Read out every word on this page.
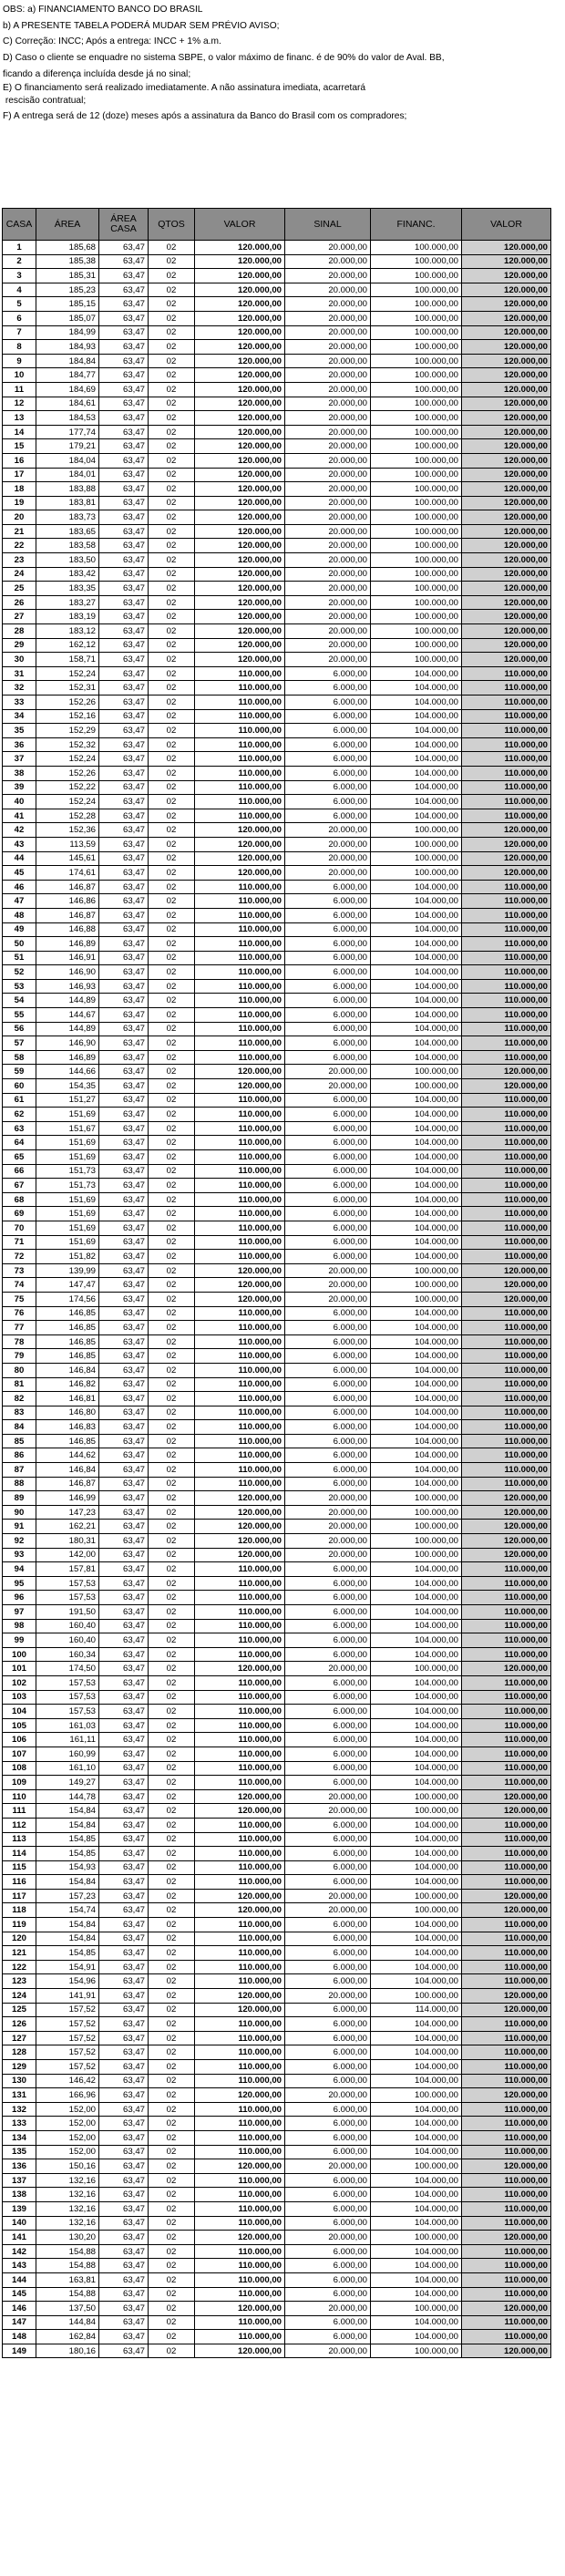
OBS: a) FINANCIAMENTO BANCO DO BRASIL
b) A PRESENTE TABELA PODERÁ MUDAR SEM PRÉVIO AVISO;
C) Correção: INCC; Após a entrega: INCC + 1% a.m.
D) Caso o cliente se enquadre no sistema SBPE, o valor máximo de financ. é de 90% do valor de Aval. BB,
ficando a diferença incluída desde já no sinal;
E) O financiamento será realizado imediatamente. A não assinatura imediata, acarretará
rescisão contratual;
F) A entrega será de 12 (doze) meses após a assinatura da Banco do Brasil com os compradores;
CASA	ÁREA	ÁREA CASA	QTOS	VALOR	SINAL	FINANC.	VALOR
1	185,68	63,47	02	120.000,00	20.000,00	100.000,00	120.000,00
2	185,38	63,47	02	120.000,00	20.000,00	100.000,00	120.000,00
3	185,31	63,47	02	120.000,00	20.000,00	100.000,00	120.000,00
4	185,23	63,47	02	120.000,00	20.000,00	100.000,00	120.000,00
5	185,15	63,47	02	120.000,00	20.000,00	100.000,00	120.000,00
6	185,07	63,47	02	120.000,00	20.000,00	100.000,00	120.000,00
7	184,99	63,47	02	120.000,00	20.000,00	100.000,00	120.000,00
8	184,93	63,47	02	120.000,00	20.000,00	100.000,00	120.000,00
9	184,84	63,47	02	120.000,00	20.000,00	100.000,00	120.000,00
10	184,77	63,47	02	120.000,00	20.000,00	100.000,00	120.000,00
11	184,69	63,47	02	120.000,00	20.000,00	100.000,00	120.000,00
12	184,61	63,47	02	120.000,00	20.000,00	100.000,00	120.000,00
13	184,53	63,47	02	120.000,00	20.000,00	100.000,00	120.000,00
14	177,74	63,47	02	120.000,00	20.000,00	100.000,00	120.000,00
15	179,21	63,47	02	120.000,00	20.000,00	100.000,00	120.000,00
16	184,04	63,47	02	120.000,00	20.000,00	100.000,00	120.000,00
17	184,01	63,47	02	120.000,00	20.000,00	100.000,00	120.000,00
18	183,88	63,47	02	120.000,00	20.000,00	100.000,00	120.000,00
19	183,81	63,47	02	120.000,00	20.000,00	100.000,00	120.000,00
20	183,73	63,47	02	120.000,00	20.000,00	100.000,00	120.000,00
21	183,65	63,47	02	120.000,00	20.000,00	100.000,00	120.000,00
22	183,58	63,47	02	120.000,00	20.000,00	100.000,00	120.000,00
23	183,50	63,47	02	120.000,00	20.000,00	100.000,00	120.000,00
24	183,42	63,47	02	120.000,00	20.000,00	100.000,00	120.000,00
25	183,35	63,47	02	120.000,00	20.000,00	100.000,00	120.000,00
26	183,27	63,47	02	120.000,00	20.000,00	100.000,00	120.000,00
27	183,19	63,47	02	120.000,00	20.000,00	100.000,00	120.000,00
28	183,12	63,47	02	120.000,00	20.000,00	100.000,00	120.000,00
29	162,12	63,47	02	120.000,00	20.000,00	100.000,00	120.000,00
30	158,71	63,47	02	120.000,00	20.000,00	100.000,00	120.000,00
31	152,24	63,47	02	110.000,00	6.000,00	104.000,00	110.000,00
32	152,31	63,47	02	110.000,00	6.000,00	104.000,00	110.000,00
33	152,26	63,47	02	110.000,00	6.000,00	104.000,00	110.000,00
34	152,16	63,47	02	110.000,00	6.000,00	104.000,00	110.000,00
35	152,29	63,47	02	110.000,00	6.000,00	104.000,00	110.000,00
36	152,32	63,47	02	110.000,00	6.000,00	104.000,00	110.000,00
37	152,24	63,47	02	110.000,00	6.000,00	104.000,00	110.000,00
38	152,26	63,47	02	110.000,00	6.000,00	104.000,00	110.000,00
39	152,22	63,47	02	110.000,00	6.000,00	104.000,00	110.000,00
40	152,24	63,47	02	110.000,00	6.000,00	104.000,00	110.000,00
41	152,28	63,47	02	110.000,00	6.000,00	104.000,00	110.000,00
42	152,36	63,47	02	120.000,00	20.000,00	100.000,00	120.000,00
43	113,59	63,47	02	120.000,00	20.000,00	100.000,00	120.000,00
44	145,61	63,47	02	120.000,00	20.000,00	100.000,00	120.000,00
45	174,61	63,47	02	120.000,00	20.000,00	100.000,00	120.000,00
46	146,87	63,47	02	110.000,00	6.000,00	104.000,00	110.000,00
47	146,86	63,47	02	110.000,00	6.000,00	104.000,00	110.000,00
48	146,87	63,47	02	110.000,00	6.000,00	104.000,00	110.000,00
49	146,88	63,47	02	110.000,00	6.000,00	104.000,00	110.000,00
50	146,89	63,47	02	110.000,00	6.000,00	104.000,00	110.000,00
51	146,91	63,47	02	110.000,00	6.000,00	104.000,00	110.000,00
52	146,90	63,47	02	110.000,00	6.000,00	104.000,00	110.000,00
53	146,93	63,47	02	110.000,00	6.000,00	104.000,00	110.000,00
54	144,89	63,47	02	110.000,00	6.000,00	104.000,00	110.000,00
55	144,67	63,47	02	110.000,00	6.000,00	104.000,00	110.000,00
56	144,89	63,47	02	110.000,00	6.000,00	104.000,00	110.000,00
57	146,90	63,47	02	110.000,00	6.000,00	104.000,00	110.000,00
58	146,89	63,47	02	110.000,00	6.000,00	104.000,00	110.000,00
59	144,66	63,47	02	120.000,00	20.000,00	100.000,00	120.000,00
60	154,35	63,47	02	120.000,00	20.000,00	100.000,00	120.000,00
61	151,27	63,47	02	110.000,00	6.000,00	104.000,00	110.000,00
62	151,69	63,47	02	110.000,00	6.000,00	104.000,00	110.000,00
63	151,67	63,47	02	110.000,00	6.000,00	104.000,00	110.000,00
64	151,69	63,47	02	110.000,00	6.000,00	104.000,00	110.000,00
65	151,69	63,47	02	110.000,00	6.000,00	104.000,00	110.000,00
66	151,73	63,47	02	110.000,00	6.000,00	104.000,00	110.000,00
67	151,73	63,47	02	110.000,00	6.000,00	104.000,00	110.000,00
68	151,69	63,47	02	110.000,00	6.000,00	104.000,00	110.000,00
69	151,69	63,47	02	110.000,00	6.000,00	104.000,00	110.000,00
70	151,69	63,47	02	110.000,00	6.000,00	104.000,00	110.000,00
71	151,69	63,47	02	110.000,00	6.000,00	104.000,00	110.000,00
72	151,82	63,47	02	110.000,00	6.000,00	104.000,00	110.000,00
73	139,99	63,47	02	120.000,00	20.000,00	100.000,00	120.000,00
74	147,47	63,47	02	120.000,00	20.000,00	100.000,00	120.000,00
75	174,56	63,47	02	120.000,00	20.000,00	100.000,00	120.000,00
76	146,85	63,47	02	110.000,00	6.000,00	104.000,00	110.000,00
77	146,85	63,47	02	110.000,00	6.000,00	104.000,00	110.000,00
78	146,85	63,47	02	110.000,00	6.000,00	104.000,00	110.000,00
79	146,85	63,47	02	110.000,00	6.000,00	104.000,00	110.000,00
80	146,84	63,47	02	110.000,00	6.000,00	104.000,00	110.000,00
81	146,82	63,47	02	110.000,00	6.000,00	104.000,00	110.000,00
82	146,81	63,47	02	110.000,00	6.000,00	104.000,00	110.000,00
83	146,80	63,47	02	110.000,00	6.000,00	104.000,00	110.000,00
84	146,83	63,47	02	110.000,00	6.000,00	104.000,00	110.000,00
85	146,85	63,47	02	110.000,00	6.000,00	104.000,00	110.000,00
86	144,62	63,47	02	110.000,00	6.000,00	104.000,00	110.000,00
87	146,84	63,47	02	110.000,00	6.000,00	104.000,00	110.000,00
88	146,87	63,47	02	110.000,00	6.000,00	104.000,00	110.000,00
89	146,99	63,47	02	120.000,00	20.000,00	100.000,00	120.000,00
90	147,23	63,47	02	120.000,00	20.000,00	100.000,00	120.000,00
91	162,21	63,47	02	120.000,00	20.000,00	100.000,00	120.000,00
92	180,31	63,47	02	120.000,00	20.000,00	100.000,00	120.000,00
93	142,00	63,47	02	120.000,00	20.000,00	100.000,00	120.000,00
94	157,81	63,47	02	110.000,00	6.000,00	104.000,00	110.000,00
95	157,53	63,47	02	110.000,00	6.000,00	104.000,00	110.000,00
96	157,53	63,47	02	110.000,00	6.000,00	104.000,00	110.000,00
97	191,50	63,47	02	110.000,00	6.000,00	104.000,00	110.000,00
98	160,40	63,47	02	110.000,00	6.000,00	104.000,00	110.000,00
99	160,40	63,47	02	110.000,00	6.000,00	104.000,00	110.000,00
100	160,34	63,47	02	110.000,00	6.000,00	104.000,00	110.000,00
101	174,50	63,47	02	120.000,00	20.000,00	100.000,00	120.000,00
102	157,53	63,47	02	110.000,00	6.000,00	104.000,00	110.000,00
103	157,53	63,47	02	110.000,00	6.000,00	104.000,00	110.000,00
104	157,53	63,47	02	110.000,00	6.000,00	104.000,00	110.000,00
105	161,03	63,47	02	110.000,00	6.000,00	104.000,00	110.000,00
106	161,11	63,47	02	110.000,00	6.000,00	104.000,00	110.000,00
107	160,99	63,47	02	110.000,00	6.000,00	104.000,00	110.000,00
108	161,10	63,47	02	110.000,00	6.000,00	104.000,00	110.000,00
109	149,27	63,47	02	110.000,00	6.000,00	104.000,00	110.000,00
110	144,78	63,47	02	120.000,00	20.000,00	100.000,00	120.000,00
111	154,84	63,47	02	120.000,00	20.000,00	100.000,00	120.000,00
112	154,84	63,47	02	110.000,00	6.000,00	104.000,00	110.000,00
113	154,85	63,47	02	110.000,00	6.000,00	104.000,00	110.000,00
114	154,85	63,47	02	110.000,00	6.000,00	104.000,00	110.000,00
115	154,93	63,47	02	110.000,00	6.000,00	104.000,00	110.000,00
116	154,84	63,47	02	110.000,00	6.000,00	104.000,00	110.000,00
117	157,23	63,47	02	120.000,00	20.000,00	100.000,00	120.000,00
118	154,74	63,47	02	120.000,00	20.000,00	100.000,00	120.000,00
119	154,84	63,47	02	110.000,00	6.000,00	104.000,00	110.000,00
120	154,84	63,47	02	110.000,00	6.000,00	104.000,00	110.000,00
121	154,85	63,47	02	110.000,00	6.000,00	104.000,00	110.000,00
122	154,91	63,47	02	110.000,00	6.000,00	104.000,00	110.000,00
123	154,96	63,47	02	110.000,00	6.000,00	104.000,00	110.000,00
124	141,91	63,47	02	120.000,00	20.000,00	100.000,00	120.000,00
125	157,52	63,47	02	120.000,00	6.000,00	114.000,00	120.000,00
126	157,52	63,47	02	110.000,00	6.000,00	104.000,00	110.000,00
127	157,52	63,47	02	110.000,00	6.000,00	104.000,00	110.000,00
128	157,52	63,47	02	110.000,00	6.000,00	104.000,00	110.000,00
129	157,52	63,47	02	110.000,00	6.000,00	104.000,00	110.000,00
130	146,42	63,47	02	110.000,00	6.000,00	104.000,00	110.000,00
131	166,96	63,47	02	120.000,00	20.000,00	100.000,00	120.000,00
132	152,00	63,47	02	110.000,00	6.000,00	104.000,00	110.000,00
133	152,00	63,47	02	110.000,00	6.000,00	104.000,00	110.000,00
134	152,00	63,47	02	110.000,00	6.000,00	104.000,00	110.000,00
135	152,00	63,47	02	110.000,00	6.000,00	104.000,00	110.000,00
136	150,16	63,47	02	120.000,00	20.000,00	100.000,00	120.000,00
137	132,16	63,47	02	110.000,00	6.000,00	104.000,00	110.000,00
138	132,16	63,47	02	110.000,00	6.000,00	104.000,00	110.000,00
139	132,16	63,47	02	110.000,00	6.000,00	104.000,00	110.000,00
140	132,16	63,47	02	110.000,00	6.000,00	104.000,00	110.000,00
141	130,20	63,47	02	120.000,00	20.000,00	100.000,00	120.000,00
142	154,88	63,47	02	110.000,00	6.000,00	104.000,00	110.000,00
143	154,88	63,47	02	110.000,00	6.000,00	104.000,00	110.000,00
144	163,81	63,47	02	110.000,00	6.000,00	104.000,00	110.000,00
145	154,88	63,47	02	110.000,00	6.000,00	104.000,00	110.000,00
146	137,50	63,47	02	120.000,00	20.000,00	100.000,00	120.000,00
147	144,84	63,47	02	110.000,00	6.000,00	104.000,00	110.000,00
148	162,84	63,47	02	110.000,00	6.000,00	104.000,00	110.000,00
149	180,16	63,47	02	120.000,00	20.000,00	100.000,00	120.000,00
